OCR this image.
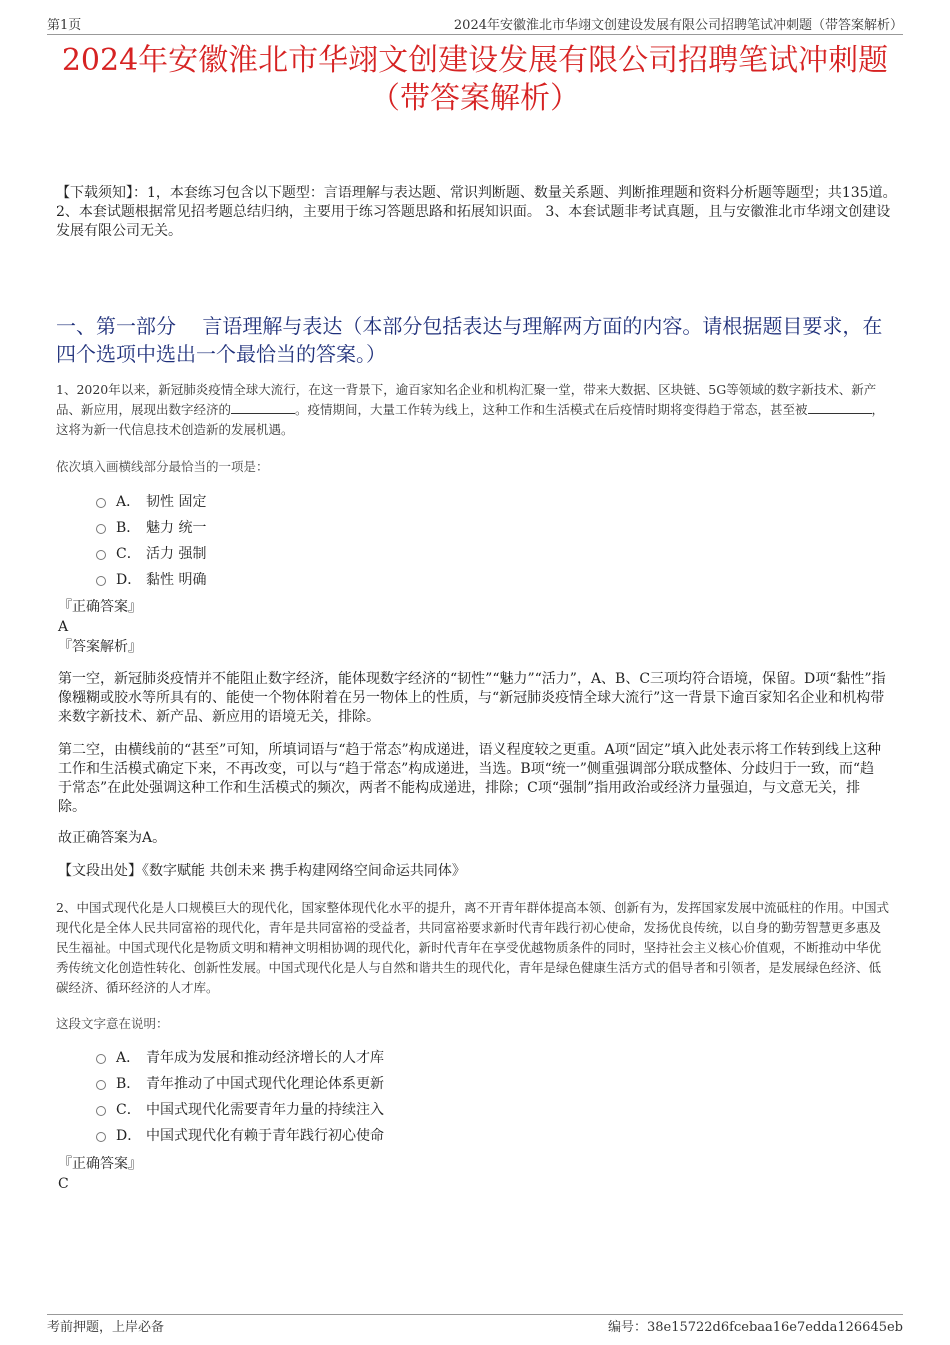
第1页	2024年安徽淮北市华翊文创建设发展有限公司招聘笔试冲刺题（带答案解析）
2024年安徽淮北市华翊文创建设发展有限公司招聘笔试冲刺题
（带答案解析）
【下载须知】：1，本套练习包含以下题型：言语理解与表达题、常识判断题、数量关系题、判断推理题和资料分析题等题型；共135道。 2、本套试题根据常见招考题总结归纳，主要用于练习答题思路和拓展知识面。 3、本套试题非考试真题，且与安徽淮北市华翊文创建设发展有限公司无关。
一、第一部分　 言语理解与表达（本部分包括表达与理解两方面的内容。请根据题目要求，在四个选项中选出一个最恰当的答案。）
1、2020年以来，新冠肺炎疫情全球大流行，在这一背景下，逾百家知名企业和机构汇聚一堂，带来大数据、区块链、5G等领域的数字新技术、新产品、新应用，展现出数字经济的	。疫情期间，大量工作转为线上，这种工作和生活模式在后疫情时期将变得趋于常态，甚至被	，这将为新一代信息技术创造新的发展机遇。
依次填入画横线部分最恰当的一项是：
A． 韧性 固定
B． 魅力 统一
C． 活力 强制
D． 黏性 明确
『正确答案』
A
『答案解析』
第一空，新冠肺炎疫情并不能阻止数字经济，能体现数字经济的“韧性”“魅力”“活力”，A、B、C三项均符合语境，保留。D项“黏性”指像糨糊或胶水等所具有的、能使一个物体附着在另一物体上的性质，与“新冠肺炎疫情全球大流行”这一背景下逾百家知名企业和机构带来数字新技术、新产品、新应用的语境无关，排除。
第二空，由横线前的“甚至”可知，所填词语与“趋于常态”构成递进，语义程度较之更重。A项“固定”填入此处表示将工作转到线上这种工作和生活模式确定下来，不再改变，可以与“趋于常态”构成递进，当选。B项“统一”侧重强调部分联成整体、分歧归于一致，而“趋于常态”在此处强调这种工作和生活模式的频次，两者不能构成递进，排除；C项“强制”指用政治或经济力量强迫，与文意无关，排除。
故正确答案为A。
【文段出处】《数字赋能 共创未来 携手构建网络空间命运共同体》
2、中国式现代化是人口规模巨大的现代化，国家整体现代化水平的提升，离不开青年群体提高本领、创新有为，发挥国家发展中流砥柱的作用。中国式现代化是全体人民共同富裕的现代化，青年是共同富裕的受益者，共同富裕要求新时代青年践行初心使命，发扬优良传统，以自身的勤劳智慧更多惠及民生福祉。中国式现代化是物质文明和精神文明相协调的现代化，新时代青年在享受优越物质条件的同时，坚持社会主义核心价值观，不断推动中华优秀传统文化创造性转化、创新性发展。中国式现代化是人与自然和谐共生的现代化，青年是绿色健康生活方式的倡导者和引领者，是发展绿色经济、低碳经济、循环经济的人才库。
这段文字意在说明：
A． 青年成为发展和推动经济增长的人才库
B． 青年推动了中国式现代化理论体系更新
C． 中国式现代化需要青年力量的持续注入
D． 中国式现代化有赖于青年践行初心使命
『正确答案』
C
考前押题，上岸必备	编号：38e15722d6fcebaa16e7edda126645eb
